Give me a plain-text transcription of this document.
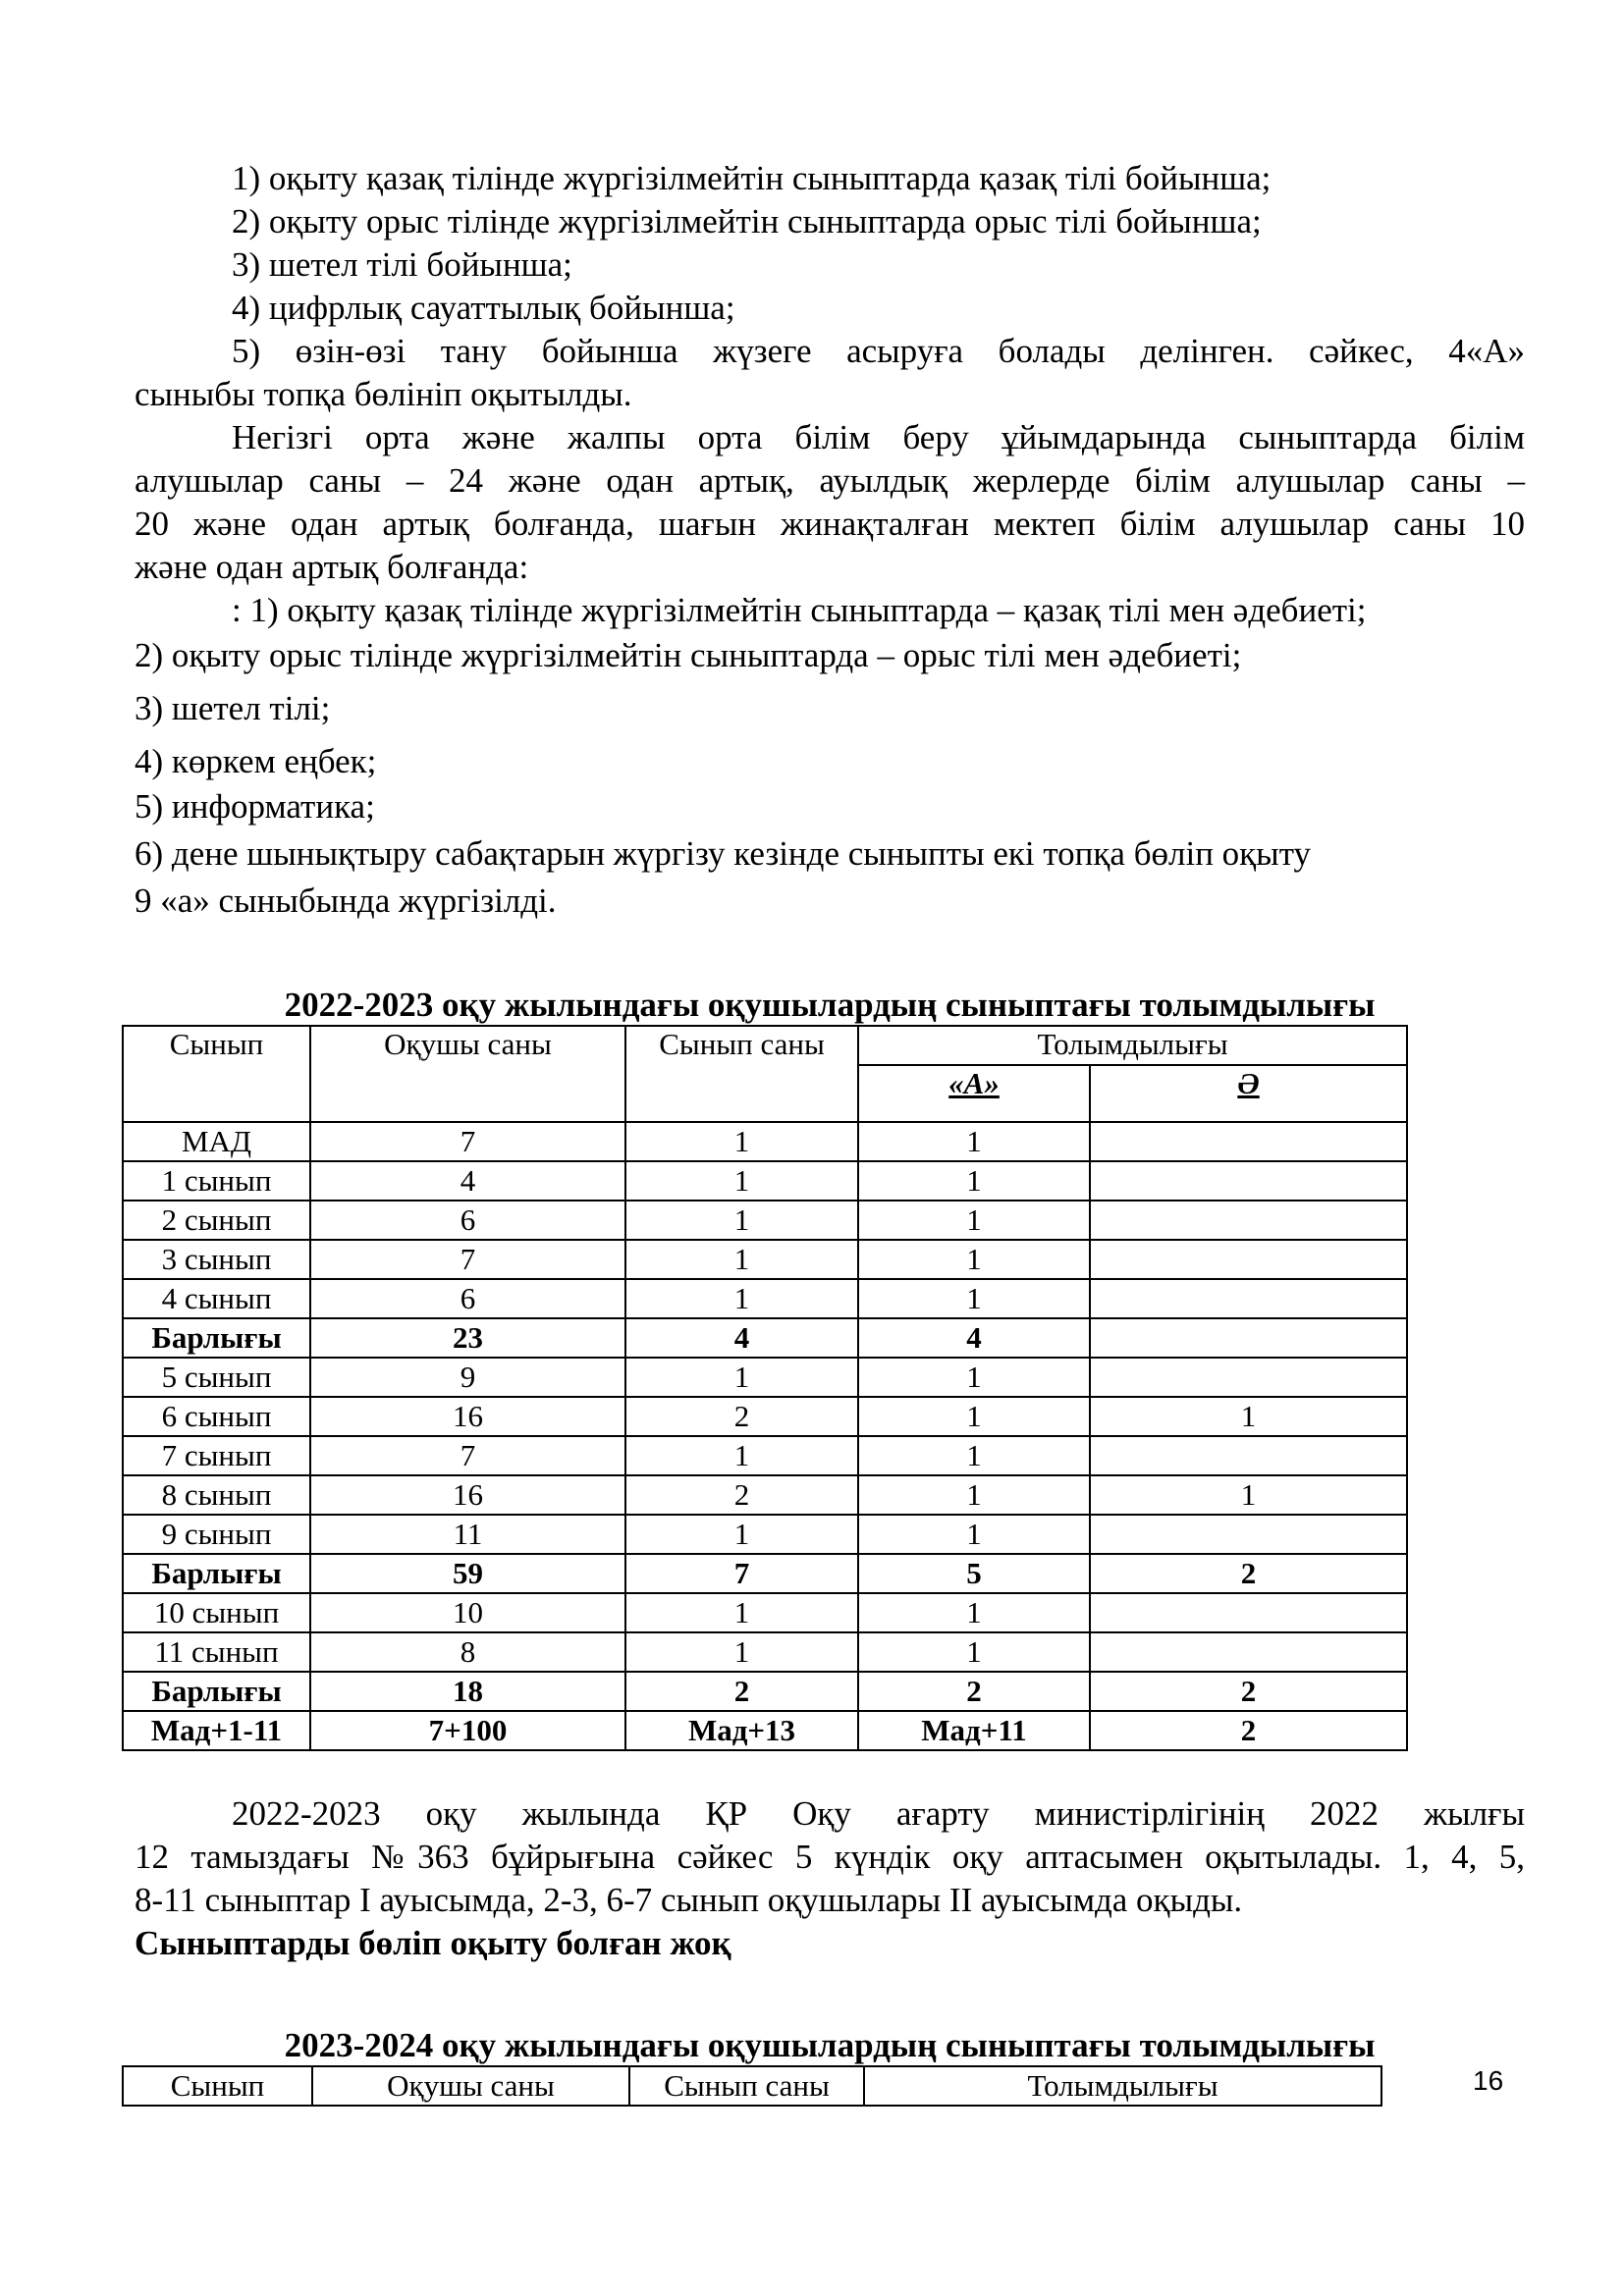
1) оқыту қазақ тілінде жүргізілмейтін сыныптарда қазақ тілі бойынша;
2) оқыту орыс тілінде жүргізілмейтін сыныптарда орыс тілі бойынша;
3) шетел тілі бойынша;
4) цифрлық сауаттылық бойынша;
5) өзін-өзі тану бойынша жүзеге асыруға болады делінген. сәйкес, 4«А»
сыныбы топқа бөлініп оқытылды.
Негізгі орта және жалпы орта білім беру ұйымдарында сыныптарда білім
алушылар саны – 24 және одан артық, ауылдық жерлерде білім алушылар саны –
20 және одан артық болғанда, шағын жинақталған мектеп білім алушылар саны 10
және одан артық болғанда:
: 1) оқыту қазақ тілінде жүргізілмейтін сыныптарда – қазақ тілі мен әдебиеті;
2) оқыту орыс тілінде жүргізілмейтін сыныптарда – орыс тілі мен әдебиеті;
3) шетел тілі;
4) көркем еңбек;
5) информатика;
6) дене шынықтыру сабақтарын жүргізу кезінде сыныпты екі топқа бөліп оқыту
9 «а» сыныбында жүргізілді.
2022-2023 оқу жылындағы оқушылардың сыныптағы толымдылығы
Сынып	Оқушы саны	Сынып саны	Толымдылығы	
			«А»	Ә
МАД	7	1	1	
1 сынып	4	1	1	
2 сынып	6	1	1	
3 сынып	7	1	1	
4 сынып	6	1	1	
Барлығы	23	4	4	
5 сынып	9	1	1	
6 сынып	16	2	1	1
7 сынып	7	1	1	
8 сынып	16	2	1	1
9 сынып	11	1	1	
Барлығы	59	7	5	2
10 сынып	10	1	1	
11 сынып	8	1	1	
Барлығы	18	2	2	2
Мад+1-11	7+100	Мад+13	Мад+11	2
2022-2023 оқу жылында ҚР Оқу ағарту министірлігінің 2022 жылғы
12 тамыздағы №363 бұйрығына сәйкес 5 күндік оқу аптасымен оқытылады. 1, 4, 5,
8-11 сыныптар І ауысымда, 2-3, 6-7 сынып оқушылары ІІ ауысымда оқыды.
Сыныптарды бөліп оқыту болған жоқ
2023-2024 оқу жылындағы оқушылардың сыныптағы толымдылығы
Сынып	Оқушы саны	Сынып саны	Толымдылығы	16
